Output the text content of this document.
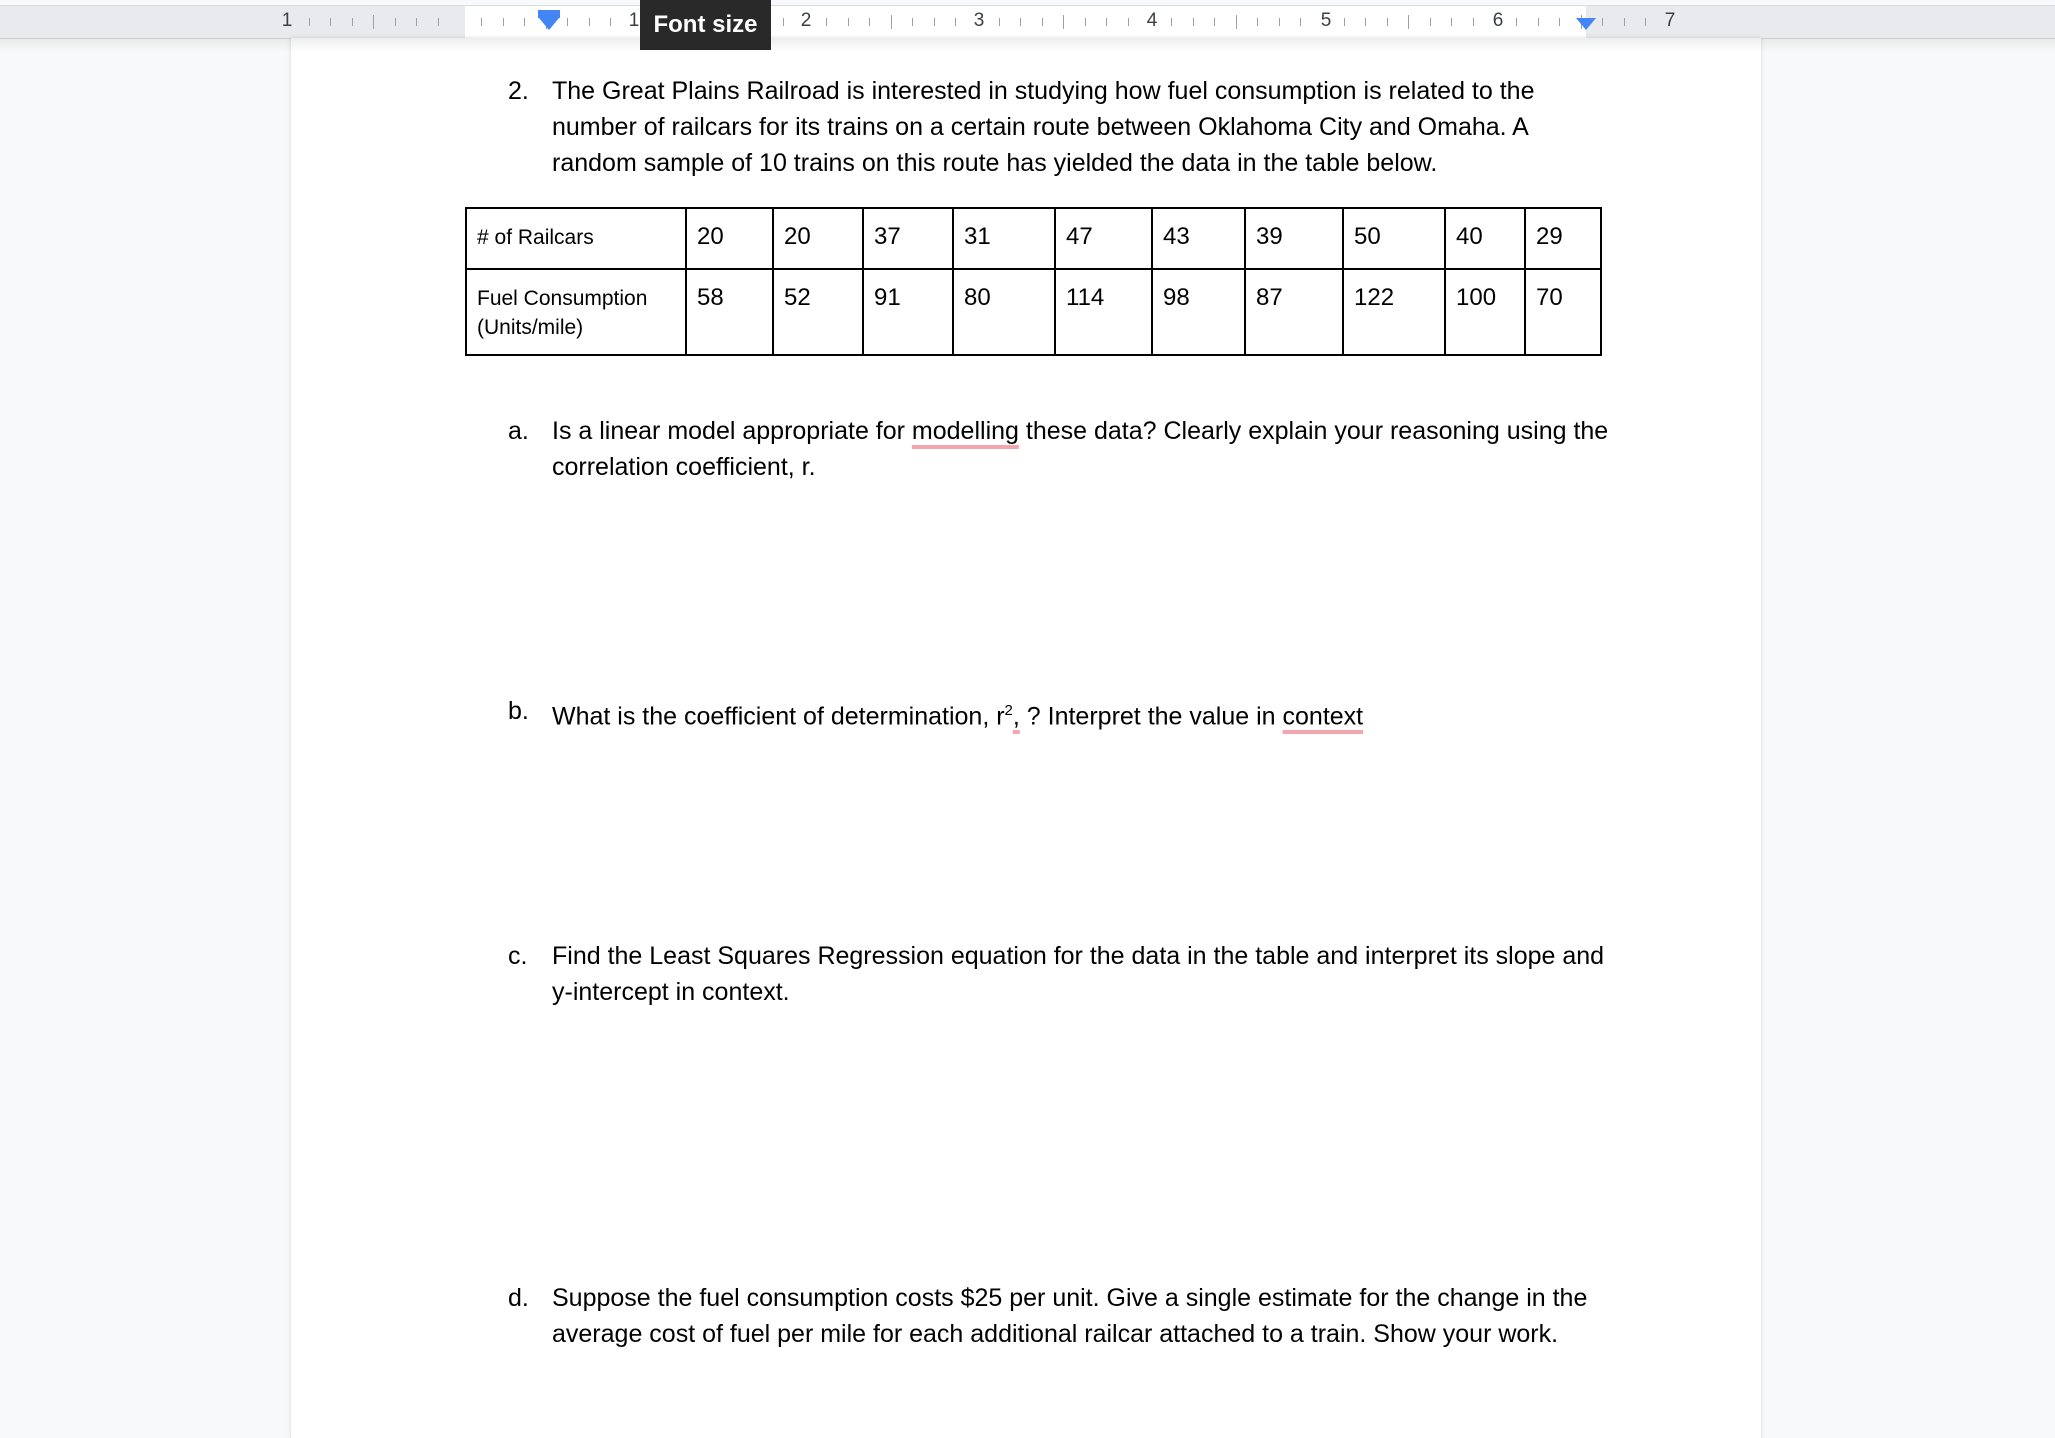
1	1	2	3	4	5	6	7
Font size
2. The Great Plains Railroad is interested in studying how fuel consumption is related to the number of railcars for its trains on a certain route between Oklahoma City and Omaha. A random sample of 10 trains on this route has yielded the data in the table below.
# of Railcars	20	20	37	31	47	43	39	50	40	29
Fuel Consumption (Units/mile)	58	52	91	80	114	98	87	122	100	70
a. Is a linear model appropriate for modelling these data? Clearly explain your reasoning using the correlation coefficient, r.
b. What is the coefficient of determination, $r^2$, ? Interpret the value in context
c. Find the Least Squares Regression equation for the data in the table and interpret its slope and y-intercept in context.
d. Suppose the fuel consumption costs $25 per unit. Give a single estimate for the change in the average cost of fuel per mile for each additional railcar attached to a train. Show your work.
